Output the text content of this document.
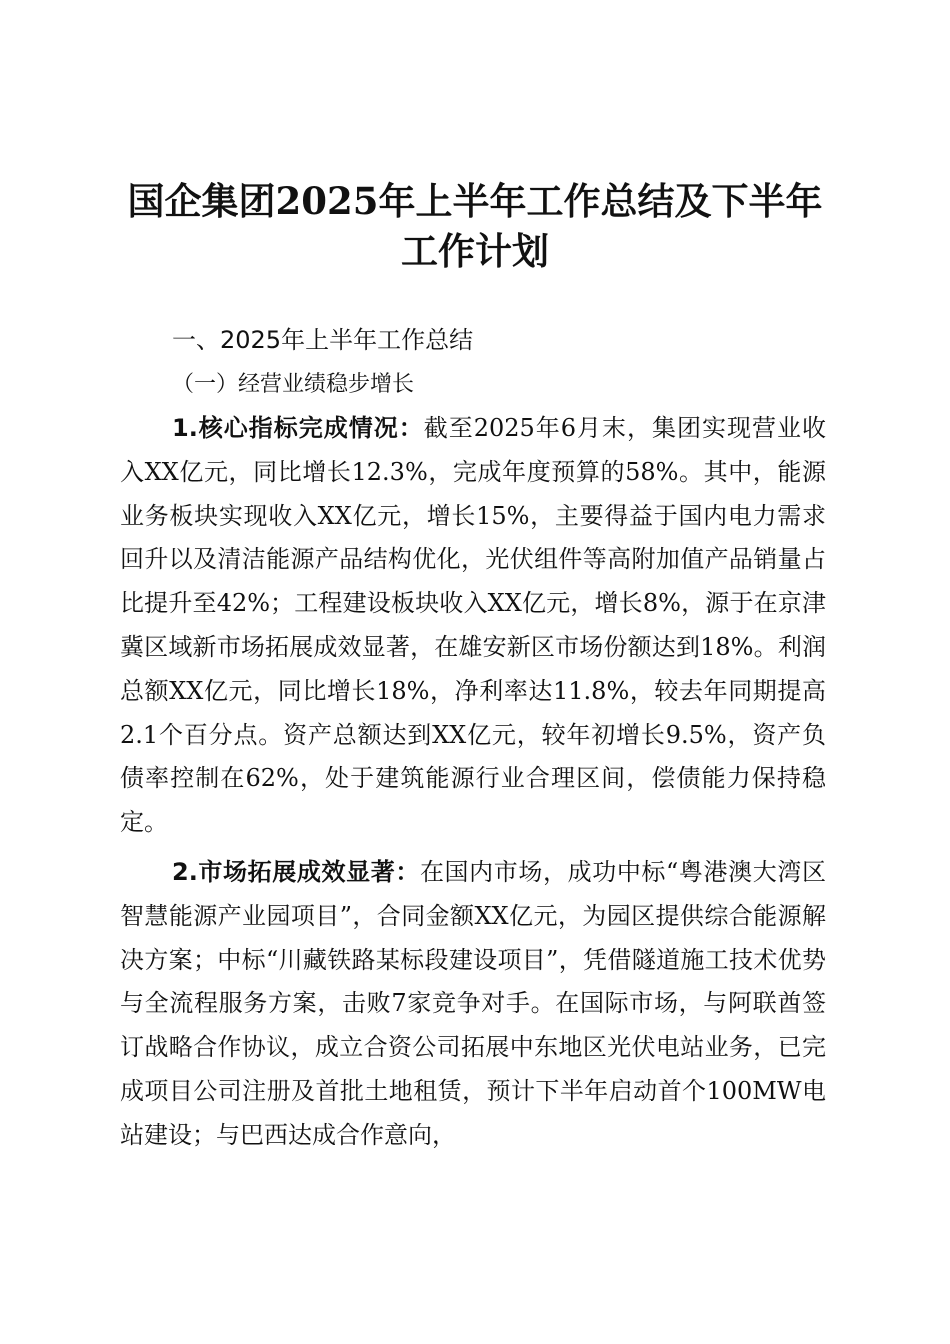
国企集团2025年上半年工作总结及下半年工作计划
一、2025年上半年工作总结
（一）经营业绩稳步增长

1.核心指标完成情况：截至2025年6月末，集团实现营业收入XX亿元，同比增长12.3%，完成年度预算的58%。其中，能源业务板块实现收入XX亿元，增长15%，主要得益于国内电力需求回升以及清洁能源产品结构优化，光伏组件等高附加值产品销量占比提升至42%；工程建设板块收入XX亿元，增长8%，源于在京津冀区域新市场拓展成效显著，在雄安新区市场份额达到18%。利润总额XX亿元，同比增长18%，净利率达11.8%，较去年同期提高2.1个百分点。资产总额达到XX亿元，较年初增长9.5%，资产负债率控制在62%，处于建筑能源行业合理区间，偿债能力保持稳定。

2.市场拓展成效显著：在国内市场，成功中标“粤港澳大湾区智慧能源产业园项目”，合同金额XX亿元，为园区提供综合能源解决方案；中标“川藏铁路某标段建设项目”，凭借隧道施工技术优势与全流程服务方案，击败7家竞争对手。在国际市场，与阿联酋签订战略合作协议，成立合资公司拓展中东地区光伏电站业务，已完成项目公司注册及首批土地租赁，预计下半年启动首个100MW电站建设；与巴西达成合作意向，
